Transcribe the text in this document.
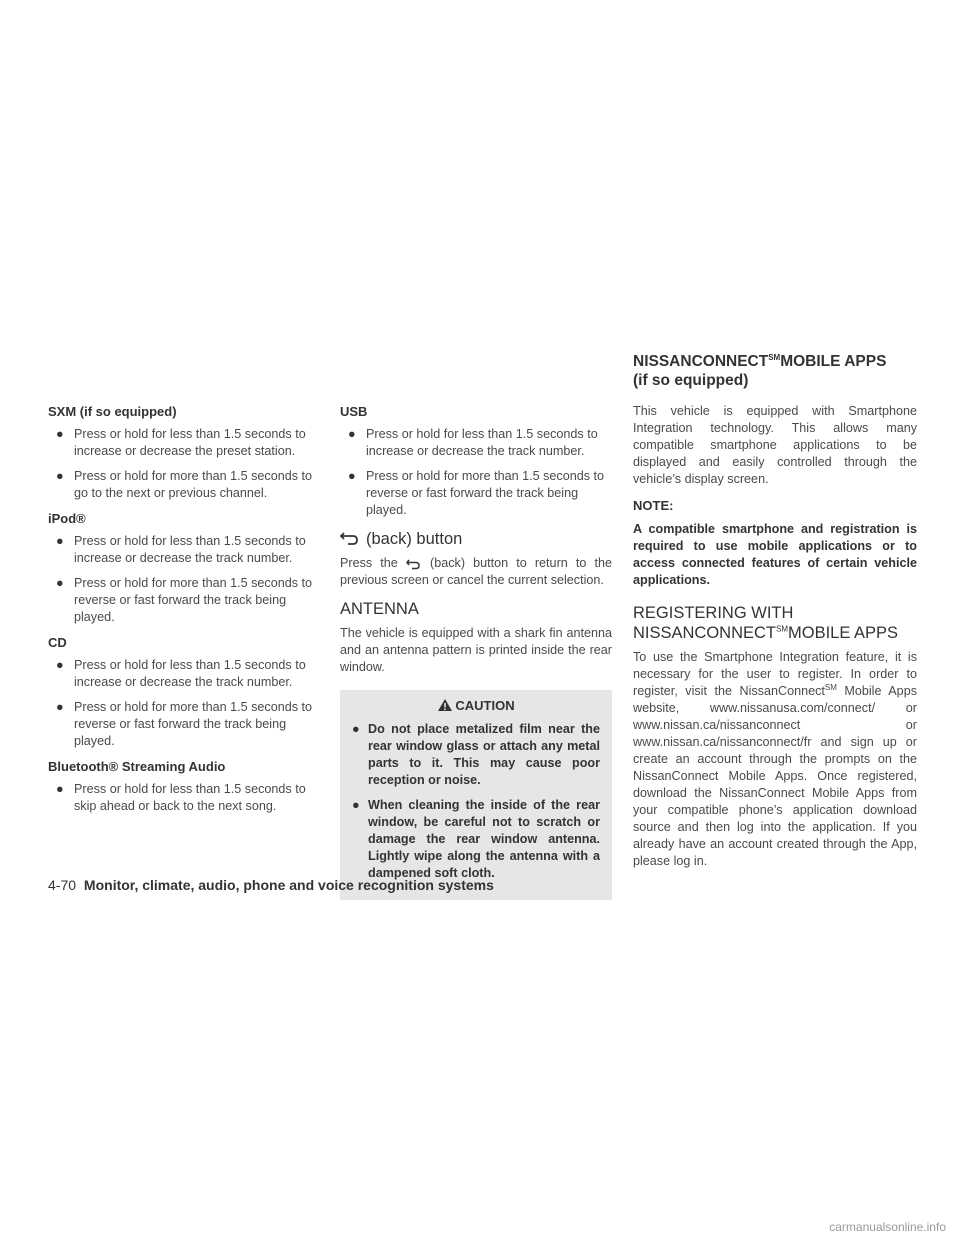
NISSANCONNECT℠MOBILE APPS
(if so equipped)
SXM (if so equipped)
● Press or hold for less than 1.5 seconds to increase or decrease the preset station.
● Press or hold for more than 1.5 seconds to go to the next or previous channel.
iPod®
● Press or hold for less than 1.5 seconds to increase or decrease the track number.
● Press or hold for more than 1.5 seconds to reverse or fast forward the track being played.
CD
● Press or hold for less than 1.5 seconds to increase or decrease the track number.
● Press or hold for more than 1.5 seconds to reverse or fast forward the track being played.
Bluetooth® Streaming Audio
● Press or hold for less than 1.5 seconds to skip ahead or back to the next song.
USB
● Press or hold for less than 1.5 seconds to increase or decrease the track number.
● Press or hold for more than 1.5 seconds to reverse or fast forward the track being played.
(back) button

Press the	(back) button to return to the previous screen or cancel the current selection.

ANTENNA

The vehicle is equipped with a shark fin antenna and an antenna pattern is printed inside the rear window.

CAUTION
● Do not place metalized film near the rear window glass or attach any metal parts to it. This may cause poor reception or noise.
● When cleaning the inside of the rear window, be careful not to scratch or damage the rear window antenna. Lightly wipe along the antenna with a dampened soft cloth.

This vehicle is equipped with Smartphone Integration technology. This allows many compatible smartphone applications to be displayed and easily controlled through the vehicle’s display screen.

NOTE:

A compatible smartphone and registration is required to use mobile applications or to access connected features of certain vehicle applications.

REGISTERING WITH
NISSANCONNECT℠MOBILE APPS

To use the Smartphone Integration feature, it is necessary for the user to register. In order to register, visit the NissanConnect℠ Mobile Apps website, www.nissanusa.com/connect/ or www.nissan.ca/nissanconnect or www.nissan.ca/nissanconnect/fr and sign up or create an account through the prompts on the NissanConnect Mobile Apps. Once registered, download the NissanConnect Mobile Apps from your compatible phone’s application download source and then log into the application. If you already have an account created through the App, please log in.

4-70 Monitor, climate, audio, phone and voice recognition systems
carmanualsonline.info
